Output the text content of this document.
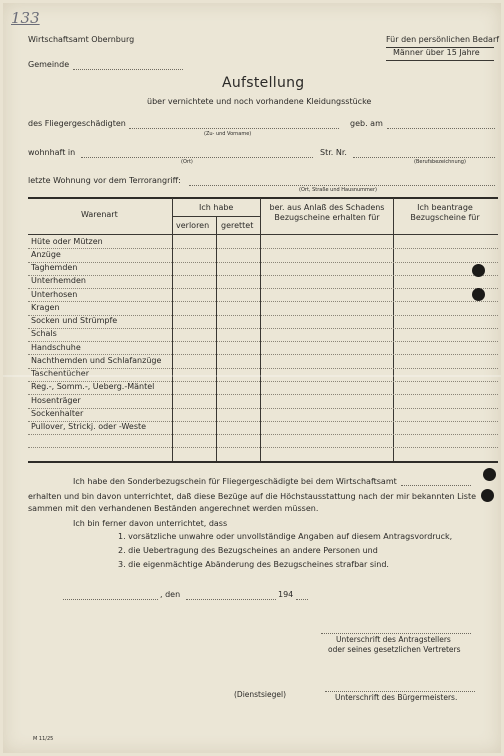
133
Wirtschaftsamt Obernburg
Gemeinde
Für den persönlichen Bedarf
Männer über 15 Jahre
Aufstellung
über vernichtete und noch vorhandene Kleidungsstücke
des Fliegergeschädigten
(Zu- und Vorname)
geb. am
wohnhaft in
(Ort)
Str. Nr.
(Berufsbezeichnung)
letzte Wohnung vor dem Terrorangriff:
(Ort, Straße und Hausnummer)
Warenart
Ich habe
verloren gerettet
ber. aus Anlaß des Schadens Bezugscheine erhalten für
Ich beantrage Bezugscheine für
Hüte oder Mützen
Anzüge
Taghemden
Unterhemden
Unterhosen
Kragen
Socken und Strümpfe
Schals
Handschuhe
Nachthemden und Schlafanzüge
Taschentücher
Reg.-, Somm.-, Ueberg.-Mäntel
Hosenträger
Sockenhalter
Pullover, Strickj. oder -Weste
Ich habe den Sonderbezugschein für Fliegergeschädigte bei dem Wirtschaftsamt
erhalten und bin davon unterrichtet, daß diese Bezüge auf die Höchstausstattung nach der mir bekannten Liste
sammen mit den verhandenen Beständen angerechnet werden müssen.
Ich bin ferner davon unterrichtet, dass
1. vorsätzliche unwahre oder unvollständige Angaben auf diesem Antragsvordruck,
2. die Uebertragung des Bezugscheines an andere Personen und
3. die eigenmächtige Abänderung des Bezugscheines strafbar sind.
, den	194
Unterschrift des Antragstellers
oder seines gesetzlichen Vertreters
(Dienstsiegel)	Unterschrift des Bürgermeisters.
M 11/25
